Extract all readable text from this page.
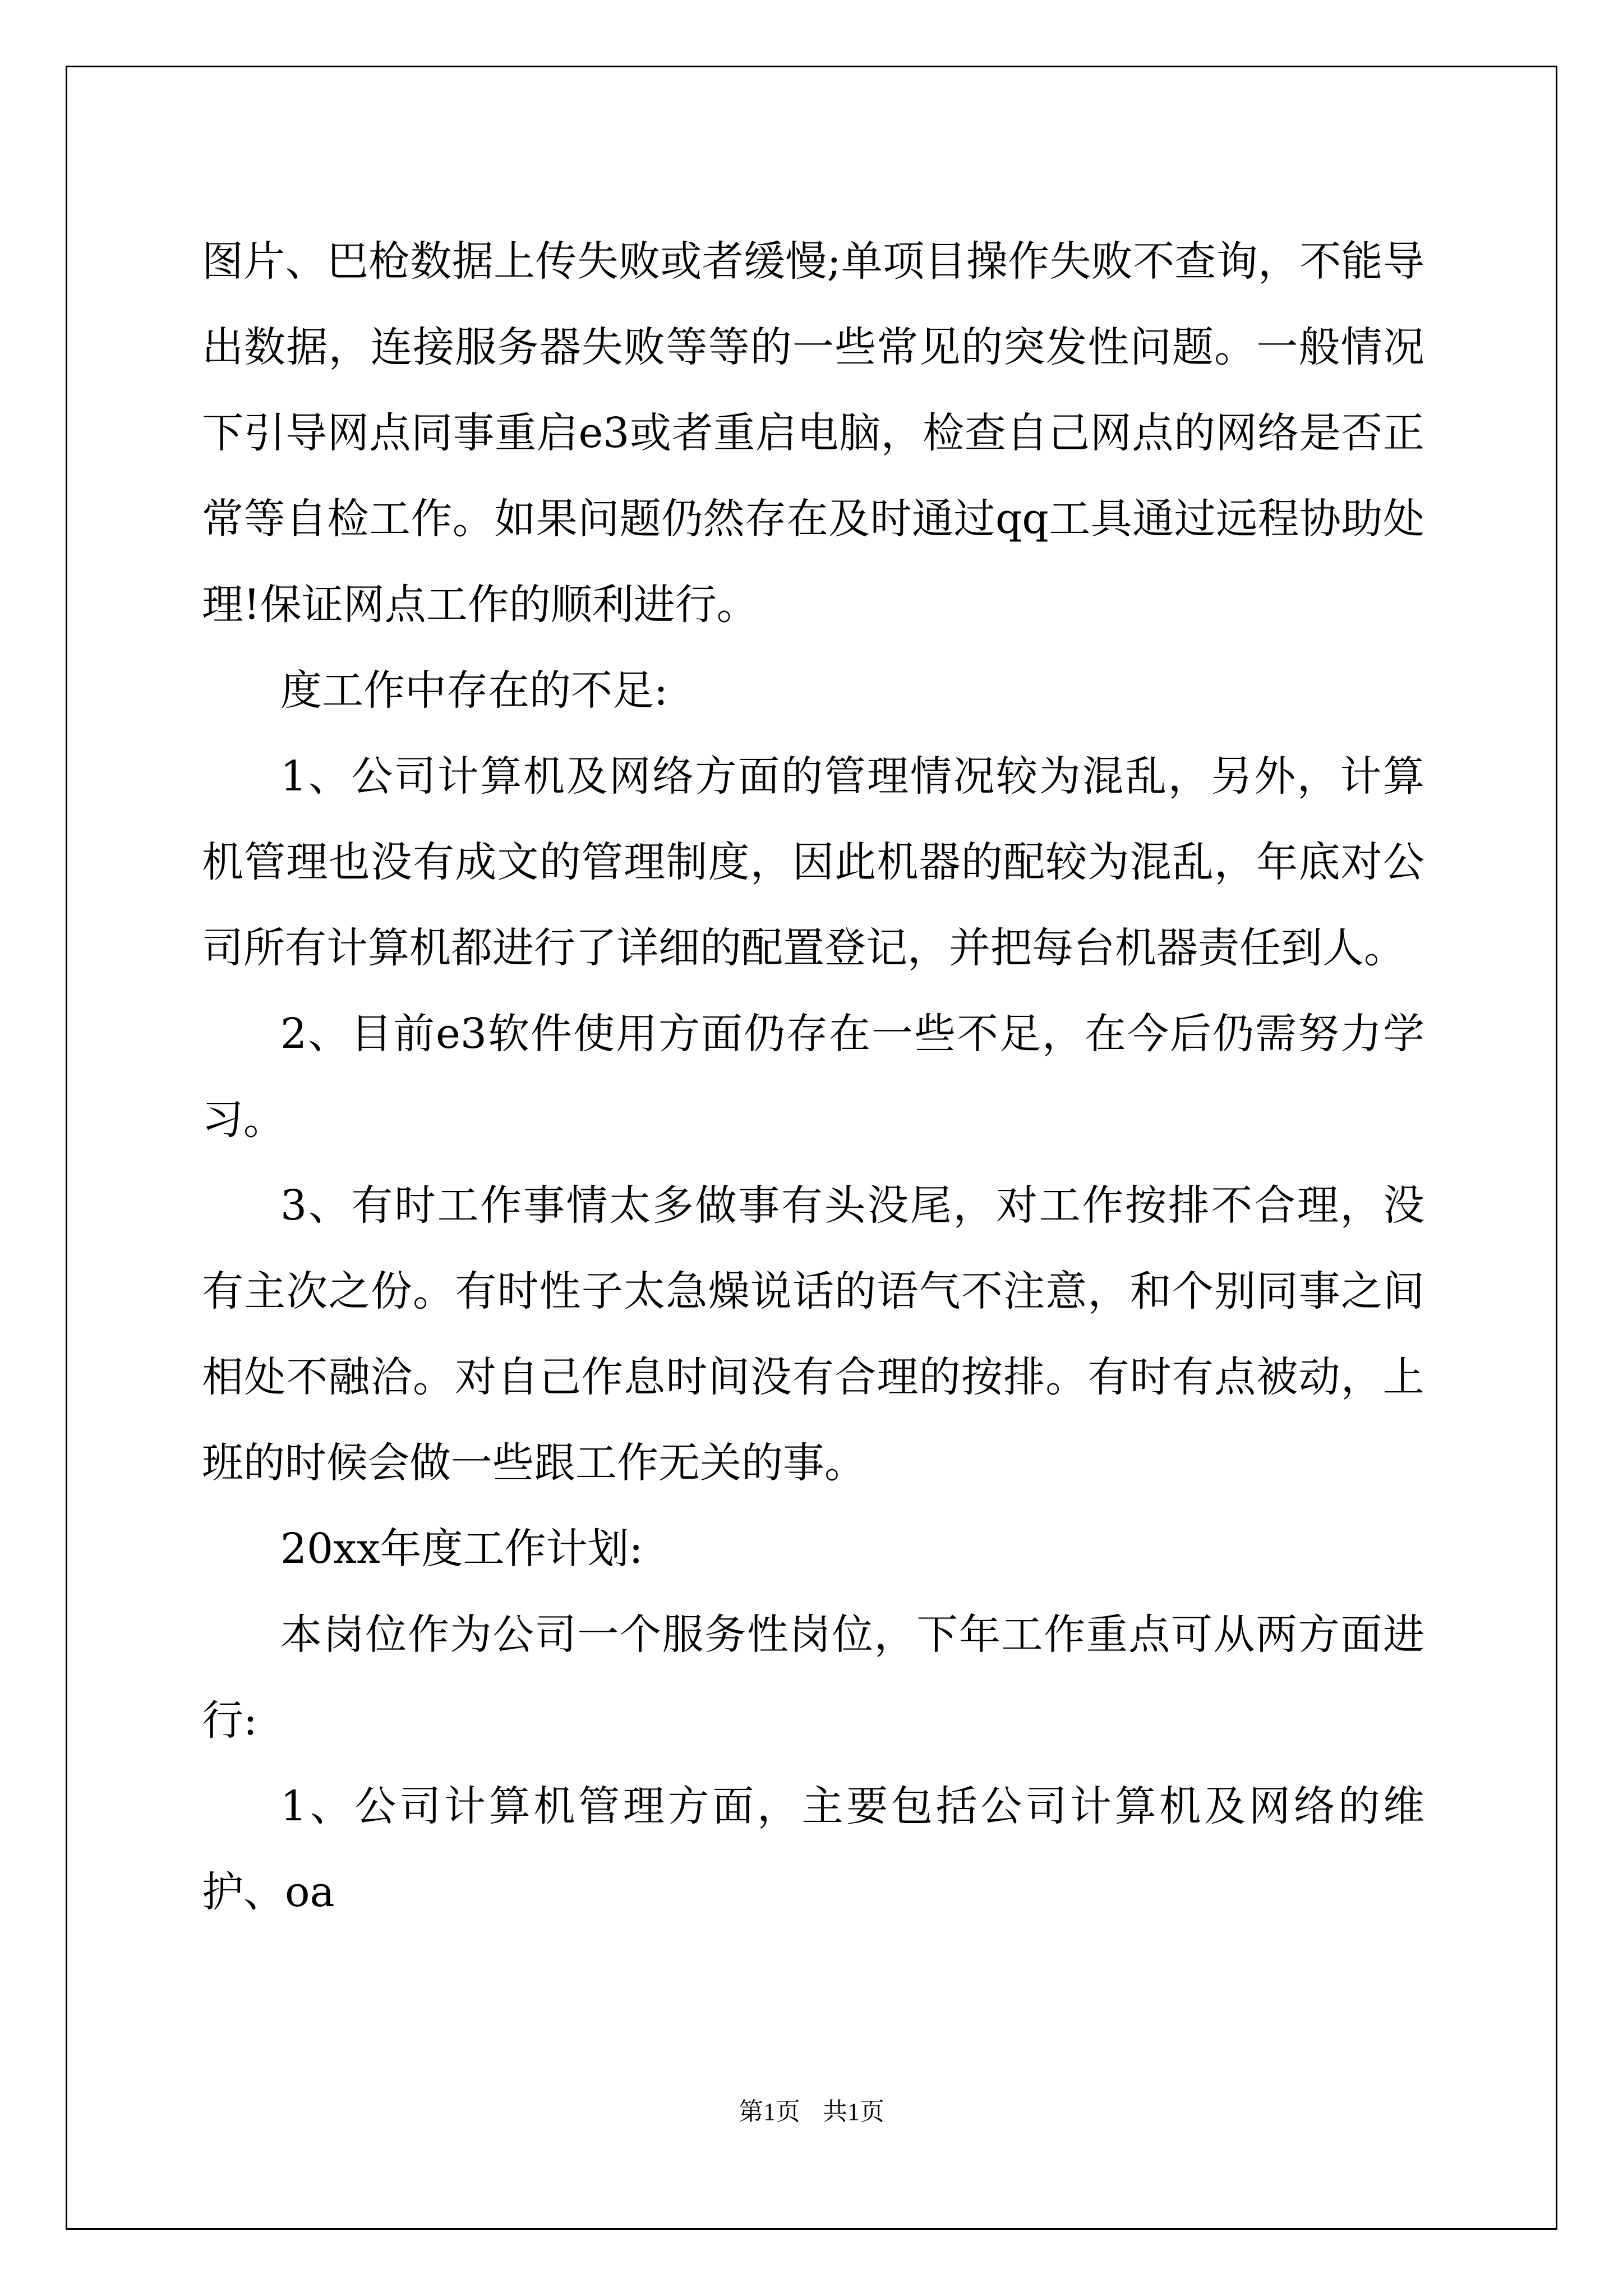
图片、巴枪数据上传失败或者缓慢;单项目操作失败不查询，不能导出数据，连接服务器失败等等的一些常见的突发性问题。一般情况下引导网点同事重启e3或者重启电脑，检查自己网点的网络是否正常等自检工作。如果问题仍然存在及时通过qq工具通过远程协助处理!保证网点工作的顺利进行。

度工作中存在的不足:

1、公司计算机及网络方面的管理情况较为混乱，另外，计算机管理也没有成文的管理制度，因此机器的配较为混乱，年底对公司所有计算机都进行了详细的配置登记，并把每台机器责任到人。

2、目前e3软件使用方面仍存在一些不足，在今后仍需努力学习。

3、有时工作事情太多做事有头没尾，对工作按排不合理，没有主次之份。有时性子太急燥说话的语气不注意，和个别同事之间相处不融洽。对自己作息时间没有合理的按排。有时有点被动，上班的时候会做一些跟工作无关的事。

20xx年度工作计划:

本岗位作为公司一个服务性岗位，下年工作重点可从两方面进行:

1、公司计算机管理方面，主要包括公司计算机及网络的维护、oa

第1页 共1页
